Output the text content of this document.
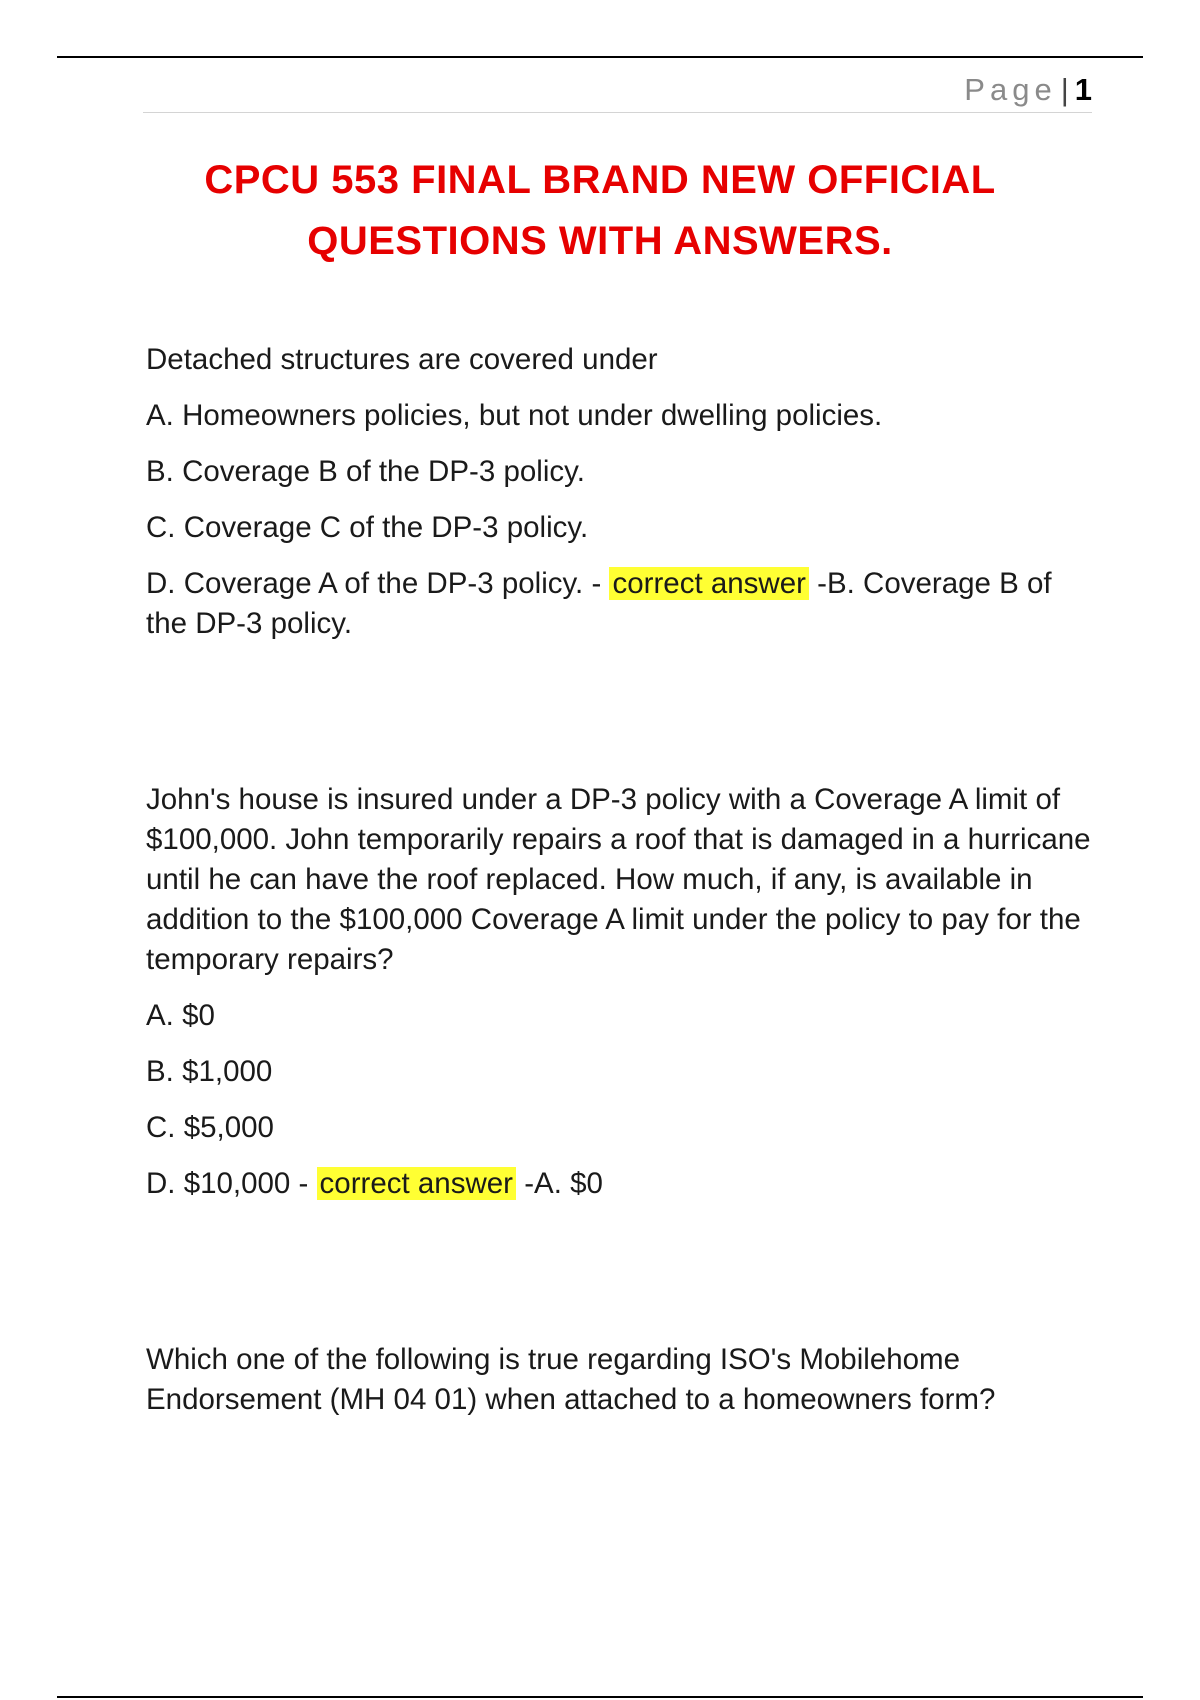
Page | 1
CPCU 553 FINAL BRAND NEW OFFICIAL
QUESTIONS WITH ANSWERS.

Detached structures are covered under

A. Homeowners policies, but not under dwelling policies.

B. Coverage B of the DP-3 policy.

C. Coverage C of the DP-3 policy.

D. Coverage A of the DP-3 policy. - correct answer -B. Coverage B of the DP-3 policy.

John's house is insured under a DP-3 policy with a Coverage A limit of $100,000. John temporarily repairs a roof that is damaged in a hurricane until he can have the roof replaced. How much, if any, is available in addition to the $100,000 Coverage A limit under the policy to pay for the temporary repairs?

A. $0

B. $1,000

C. $5,000

D. $10,000 - correct answer -A. $0

Which one of the following is true regarding ISO's Mobilehome Endorsement (MH 04 01) when attached to a homeowners form?
